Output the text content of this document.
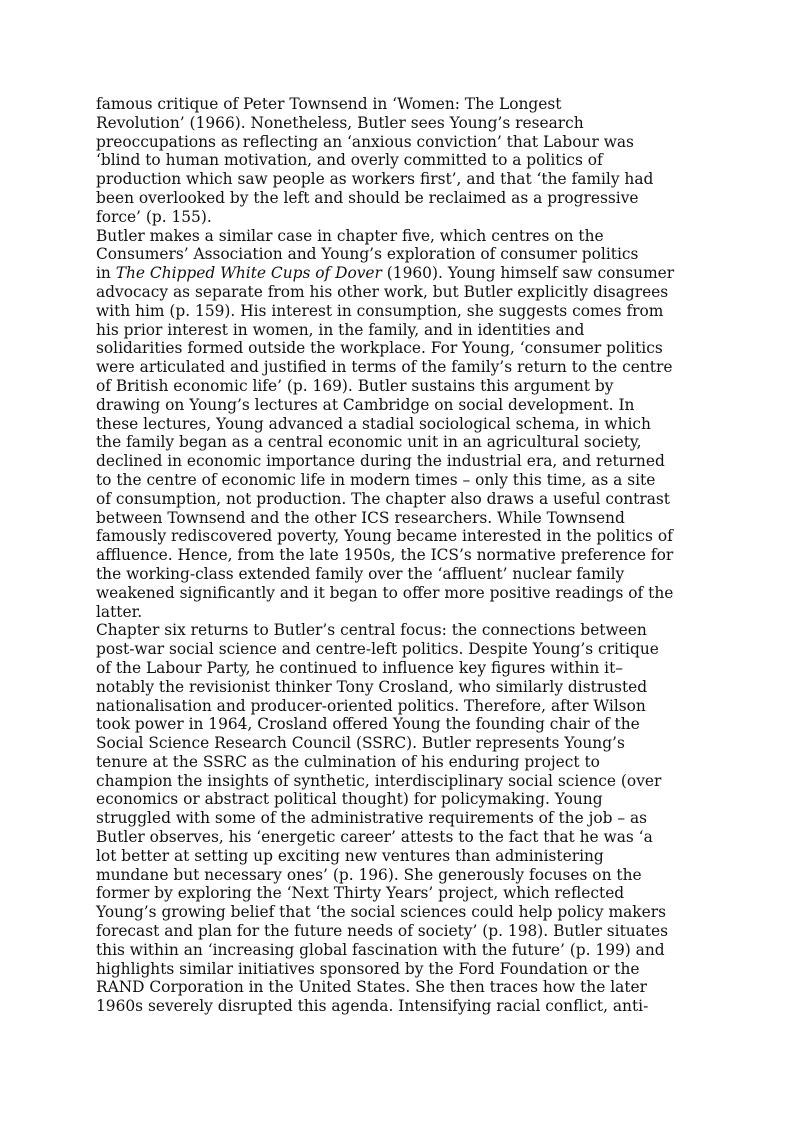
famous critique of Peter Townsend in ‘Women: The Longest
Revolution’ (1966). Nonetheless, Butler sees Young’s research
preoccupations as reflecting an ‘anxious conviction’ that Labour was
‘blind to human motivation, and overly committed to a politics of
production which saw people as workers first’, and that ‘the family had
been overlooked by the left and should be reclaimed as a progressive
force’ (p. 155).

Butler makes a similar case in chapter five, which centres on the
Consumers’ Association and Young’s exploration of consumer politics
in The Chipped White Cups of Dover (1960). Young himself saw consumer
advocacy as separate from his other work, but Butler explicitly disagrees
with him (p. 159). His interest in consumption, she suggests comes from
his prior interest in women, in the family, and in identities and
solidarities formed outside the workplace. For Young, ‘consumer politics
were articulated and justified in terms of the family’s return to the centre
of British economic life’ (p. 169). Butler sustains this argument by
drawing on Young’s lectures at Cambridge on social development. In
these lectures, Young advanced a stadial sociological schema, in which
the family began as a central economic unit in an agricultural society,
declined in economic importance during the industrial era, and returned
to the centre of economic life in modern times – only this time, as a site
of consumption, not production. The chapter also draws a useful contrast
between Townsend and the other ICS researchers. While Townsend
famously rediscovered poverty, Young became interested in the politics of
affluence. Hence, from the late 1950s, the ICS’s normative preference for
the working-class extended family over the ‘affluent’ nuclear family
weakened significantly and it began to offer more positive readings of the
latter.

Chapter six returns to Butler’s central focus: the connections between
post-war social science and centre-left politics. Despite Young’s critique
of the Labour Party, he continued to influence key figures within it–
notably the revisionist thinker Tony Crosland, who similarly distrusted
nationalisation and producer-oriented politics. Therefore, after Wilson
took power in 1964, Crosland offered Young the founding chair of the
Social Science Research Council (SSRC). Butler represents Young’s
tenure at the SSRC as the culmination of his enduring project to
champion the insights of synthetic, interdisciplinary social science (over
economics or abstract political thought) for policymaking. Young
struggled with some of the administrative requirements of the job – as
Butler observes, his ‘energetic career’ attests to the fact that he was ‘a
lot better at setting up exciting new ventures than administering
mundane but necessary ones’ (p. 196). She generously focuses on the
former by exploring the ‘Next Thirty Years’ project, which reflected
Young’s growing belief that ‘the social sciences could help policy makers
forecast and plan for the future needs of society’ (p. 198). Butler situates
this within an ‘increasing global fascination with the future’ (p. 199) and
highlights similar initiatives sponsored by the Ford Foundation or the
RAND Corporation in the United States. She then traces how the later
1960s severely disrupted this agenda. Intensifying racial conflict, anti-
